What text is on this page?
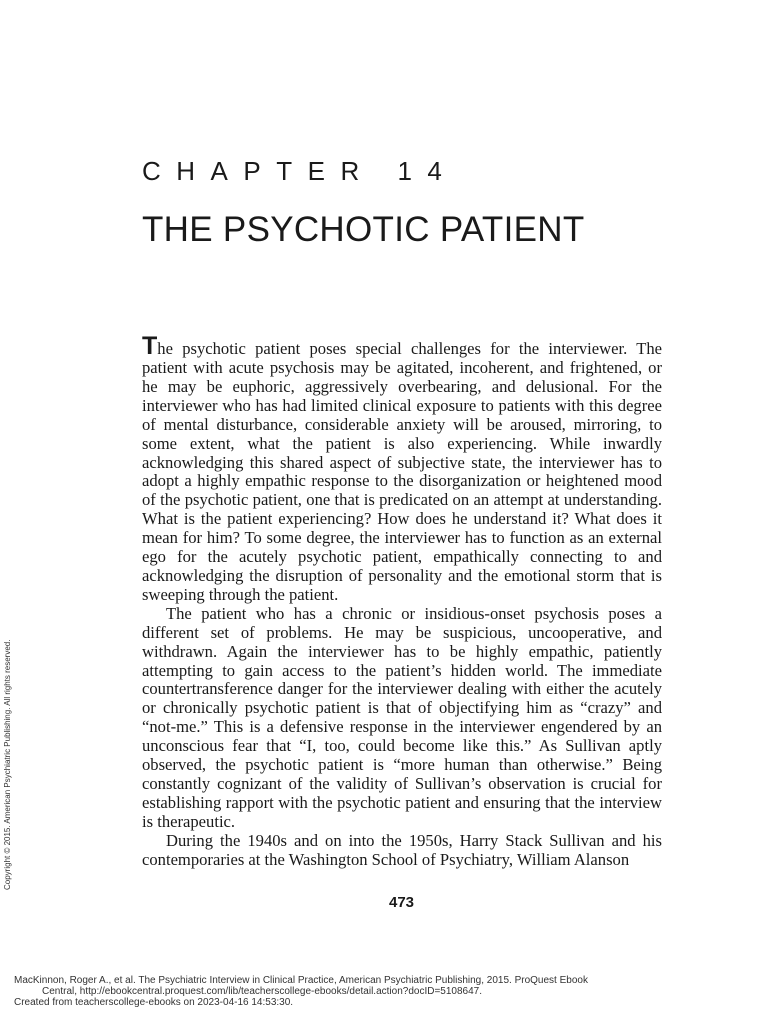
CHAPTER 14
THE PSYCHOTIC PATIENT

The psychotic patient poses special challenges for the interviewer. The patient with acute psychosis may be agitated, incoherent, and frightened, or he may be euphoric, aggressively overbearing, and delusional. For the interviewer who has had limited clinical exposure to patients with this degree of mental disturbance, considerable anxiety will be aroused, mirroring, to some extent, what the patient is also experiencing. While inwardly acknowledging this shared aspect of subjective state, the interviewer has to adopt a highly empathic response to the disorganization or heightened mood of the psychotic patient, one that is predicated on an attempt at understanding. What is the patient experiencing? How does he understand it? What does it mean for him? To some degree, the interviewer has to function as an external ego for the acutely psychotic patient, empathically connecting to and acknowledging the disruption of personality and the emotional storm that is sweeping through the patient.

The patient who has a chronic or insidious-onset psychosis poses a different set of problems. He may be suspicious, uncooperative, and withdrawn. Again the interviewer has to be highly empathic, patiently attempting to gain access to the patient’s hidden world. The immediate countertransference danger for the interviewer dealing with either the acutely or chronically psychotic patient is that of objectifying him as “crazy” and “not-me.” This is a defensive response in the interviewer engendered by an unconscious fear that “I, too, could become like this.” As Sullivan aptly observed, the psychotic patient is “more human than otherwise.” Being constantly cognizant of the validity of Sullivan’s observation is crucial for establishing rapport with the psychotic patient and ensuring that the interview is therapeutic.

During the 1940s and on into the 1950s, Harry Stack Sullivan and his contemporaries at the Washington School of Psychiatry, William Alanson

473
Copyright © 2015. American Psychiatric Publishing. All rights reserved.
MacKinnon, Roger A., et al. The Psychiatric Interview in Clinical Practice, American Psychiatric Publishing, 2015. ProQuest Ebook
Central, http://ebookcentral.proquest.com/lib/teacherscollege-ebooks/detail.action?docID=5108647.
Created from teacherscollege-ebooks on 2023-04-16 14:53:30.
